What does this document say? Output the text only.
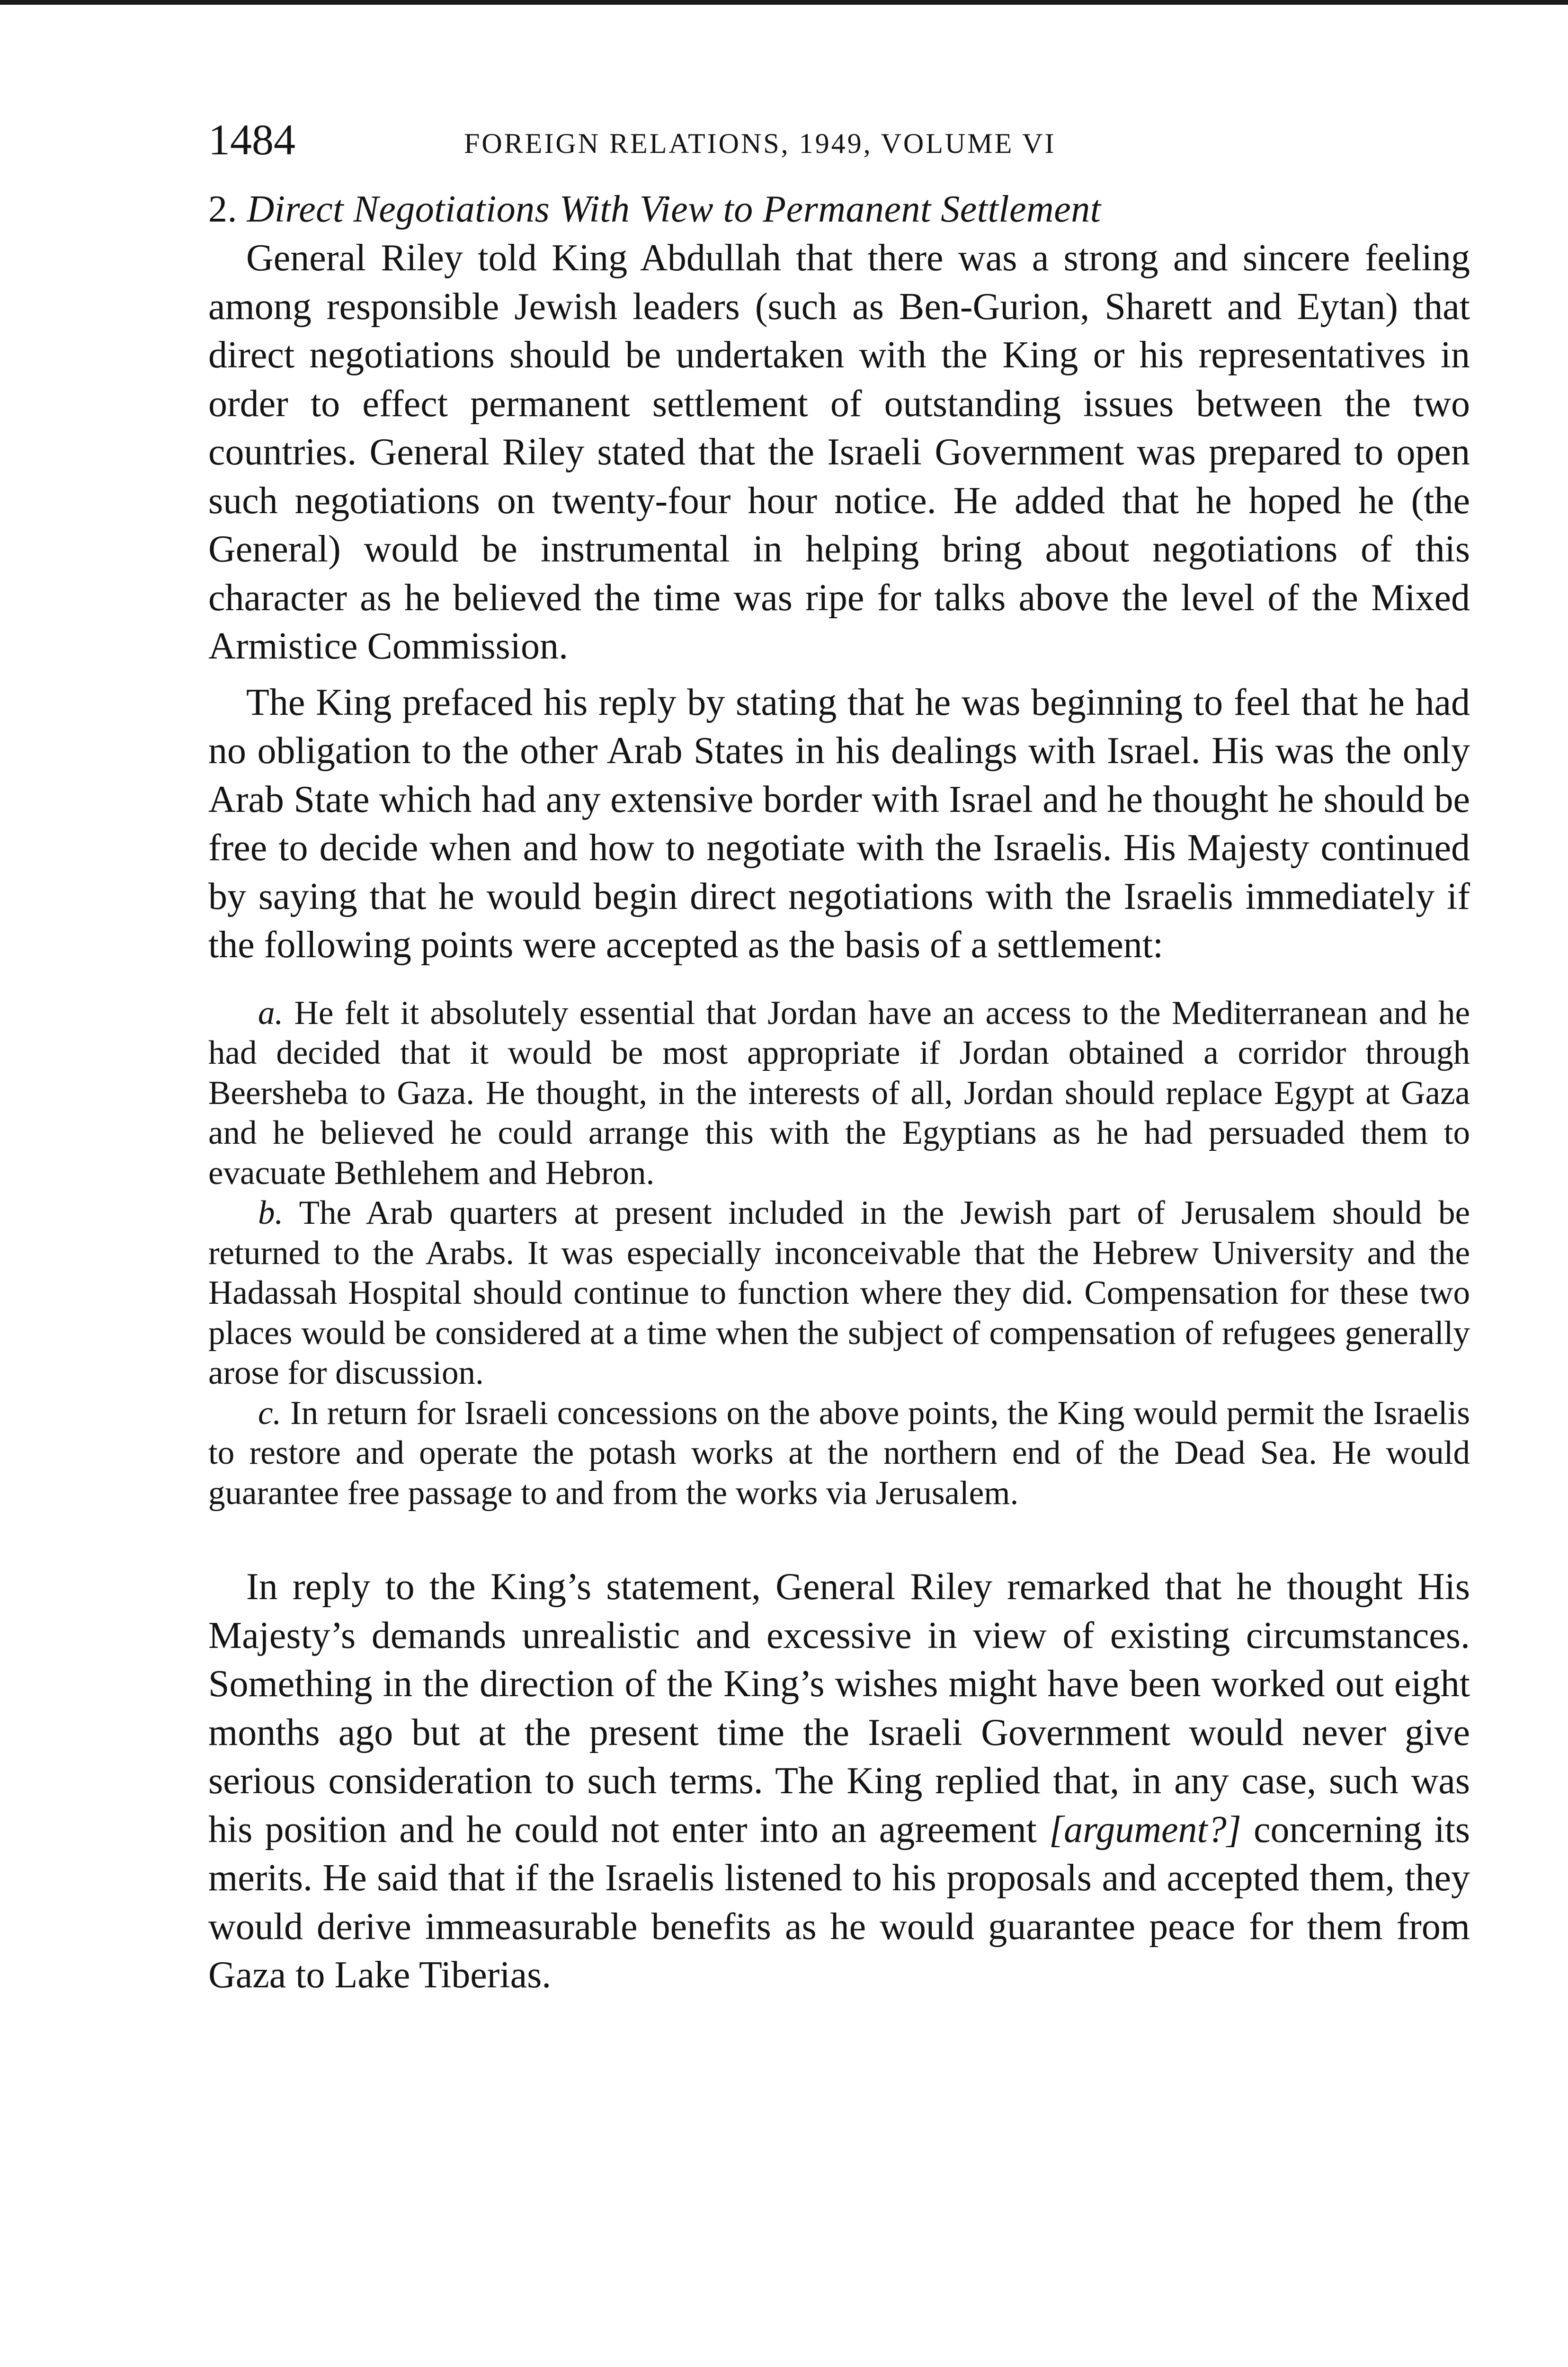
1484	FOREIGN RELATIONS, 1949, VOLUME VI

2. Direct Negotiations With View to Permanent Settlement

General Riley told King Abdullah that there was a strong and sincere feeling among responsible Jewish leaders (such as Ben-Gurion, Sharett and Eytan) that direct negotiations should be undertaken with the King or his representatives in order to effect permanent settlement of outstanding issues between the two countries. General Riley stated that the Israeli Government was prepared to open such negotiations on twenty-four hour notice. He added that he hoped he (the General) would be instrumental in helping bring about negotiations of this character as he believed the time was ripe for talks above the level of the Mixed Armistice Commission.

The King prefaced his reply by stating that he was beginning to feel that he had no obligation to the other Arab States in his dealings with Israel. His was the only Arab State which had any extensive border with Israel and he thought he should be free to decide when and how to negotiate with the Israelis. His Majesty continued by saying that he would begin direct negotiations with the Israelis immediately if the following points were accepted as the basis of a settlement:

a. He felt it absolutely essential that Jordan have an access to the Mediterranean and he had decided that it would be most appropriate if Jordan obtained a corridor through Beersheba to Gaza. He thought, in the interests of all, Jordan should replace Egypt at Gaza and he believed he could arrange this with the Egyptians as he had persuaded them to evacuate Bethlehem and Hebron.

b. The Arab quarters at present included in the Jewish part of Jerusalem should be returned to the Arabs. It was especially inconceivable that the Hebrew University and the Hadassah Hospital should continue to function where they did. Compensation for these two places would be considered at a time when the subject of compensation of refugees generally arose for discussion.

c. In return for Israeli concessions on the above points, the King would permit the Israelis to restore and operate the potash works at the northern end of the Dead Sea. He would guarantee free passage to and from the works via Jerusalem.

In reply to the King’s statement, General Riley remarked that he thought His Majesty’s demands unrealistic and excessive in view of existing circumstances. Something in the direction of the King’s wishes might have been worked out eight months ago but at the present time the Israeli Government would never give serious consideration to such terms. The King replied that, in any case, such was his position and he could not enter into an agreement [argument?] concerning its merits. He said that if the Israelis listened to his proposals and accepted them, they would derive immeasurable benefits as he would guarantee peace for them from Gaza to Lake Tiberias.
